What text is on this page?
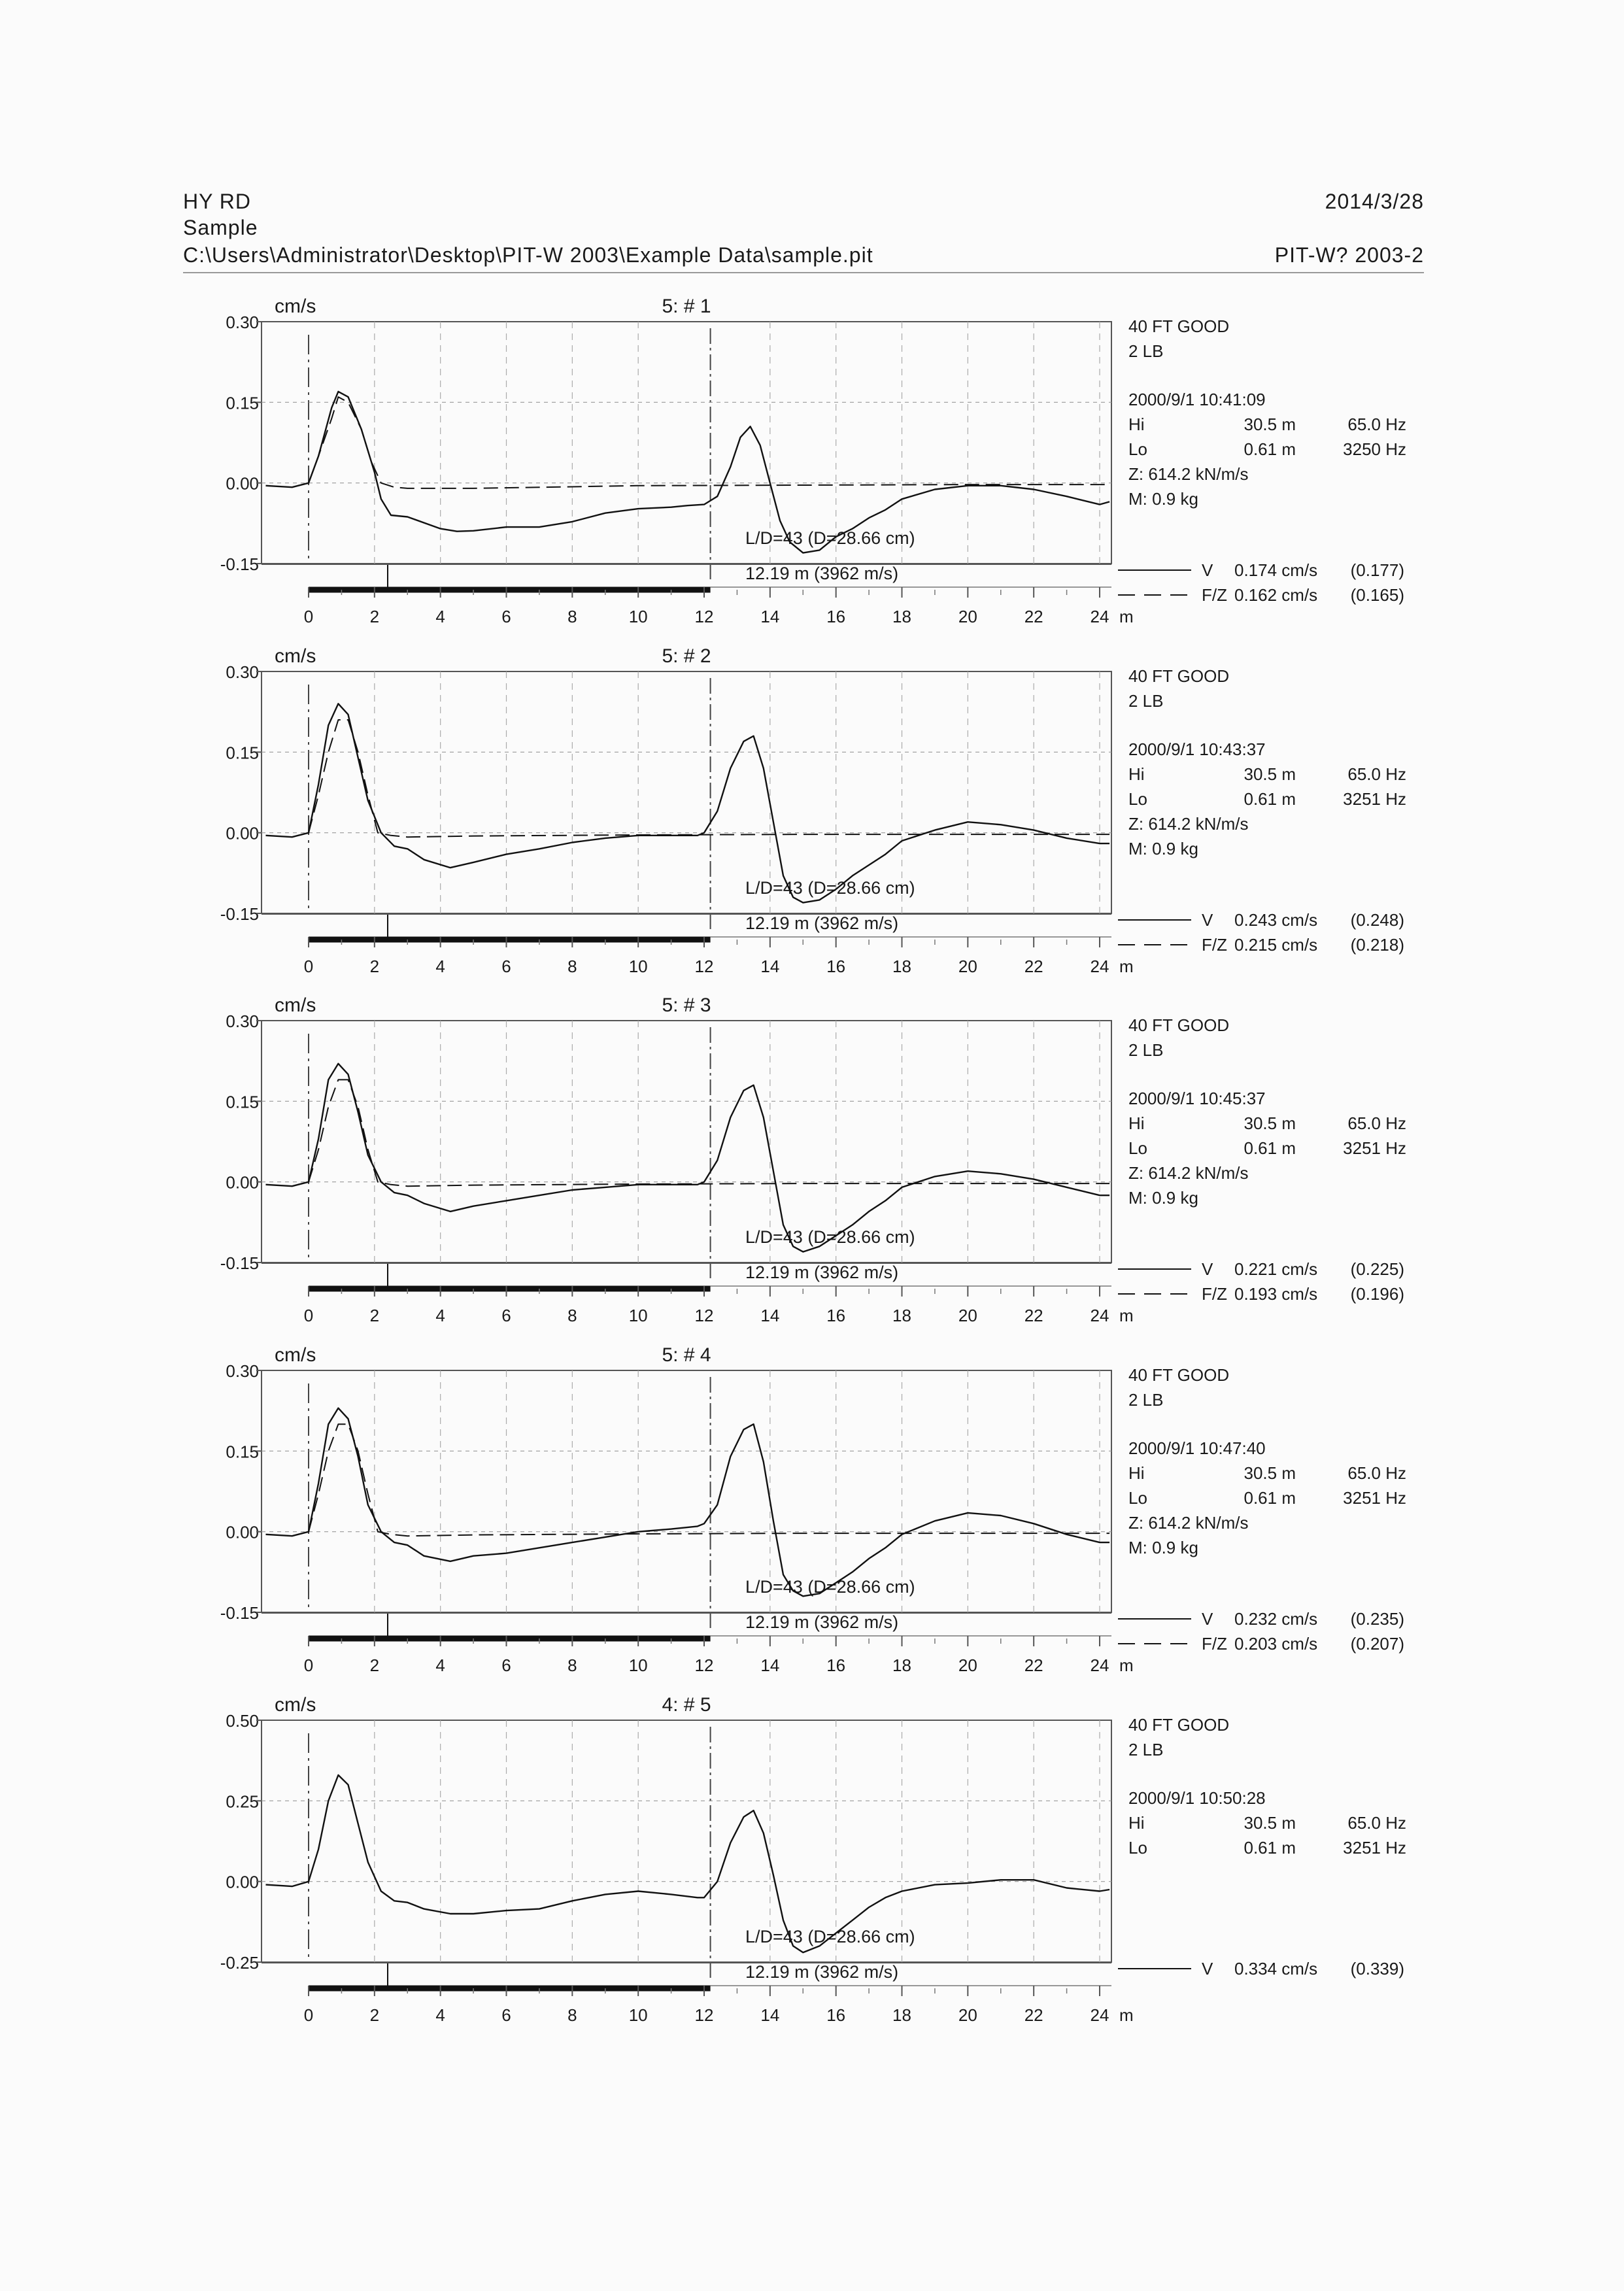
HY RD
Sample
C:\Users\Administrator\Desktop\PIT-W 2003\Example Data\sample.pit
2014/3/28
PIT-W? 2003-2
0.30
0.15
0.00
-0.15
cm/s	5: # 1
0	2	4	6	8	10	12	14	16	18	20	22	24 m
L/D=43 (D=28.66 cm)
12.19 m (3962 m/s)
40 FT GOOD
2 LB
2000/9/1 10:41:09
Hi	30.5 m	65.0 Hz
Lo	0.61 m	3250 Hz
Z: 614.2 kN/m/s
M: 0.9 kg
V 0.174 cm/s (0.177)
F/Z 0.162 cm/s (0.165)
0.30
0.15
0.00
-0.15
cm/s	5: # 2
0	2	4	6	8	10	12	14	16	18	20	22	24 m
L/D=43 (D=28.66 cm)
12.19 m (3962 m/s)
40 FT GOOD
2 LB
2000/9/1 10:43:37
Hi	30.5 m	65.0 Hz
Lo	0.61 m	3251 Hz
Z: 614.2 kN/m/s
M: 0.9 kg
V 0.243 cm/s (0.248)
F/Z 0.215 cm/s (0.218)
0.30
0.15
0.00
-0.15
cm/s	5: # 3
0	2	4	6	8	10	12	14	16	18	20	22	24 m
L/D=43 (D=28.66 cm)
12.19 m (3962 m/s)
40 FT GOOD
2 LB
2000/9/1 10:45:37
Hi	30.5 m	65.0 Hz
Lo	0.61 m	3251 Hz
Z: 614.2 kN/m/s
M: 0.9 kg
V 0.221 cm/s (0.225)
F/Z 0.193 cm/s (0.196)
0.30
0.15
0.00
-0.15
cm/s	5: # 4
0	2	4	6	8	10	12	14	16	18	20	22	24 m
L/D=43 (D=28.66 cm)
12.19 m (3962 m/s)
40 FT GOOD
2 LB
2000/9/1 10:47:40
Hi	30.5 m	65.0 Hz
Lo	0.61 m	3251 Hz
Z: 614.2 kN/m/s
M: 0.9 kg
V 0.232 cm/s (0.235)
F/Z 0.203 cm/s (0.207)
0.50
0.25
0.00
-0.25
cm/s	4: # 5
0	2	4	6	8	10	12	14	16	18	20	22	24 m
L/D=43 (D=28.66 cm)
12.19 m (3962 m/s)
40 FT GOOD
2 LB
2000/9/1 10:50:28
Hi	30.5 m	65.0 Hz
Lo	0.61 m	3251 Hz
V 0.334 cm/s (0.339)
